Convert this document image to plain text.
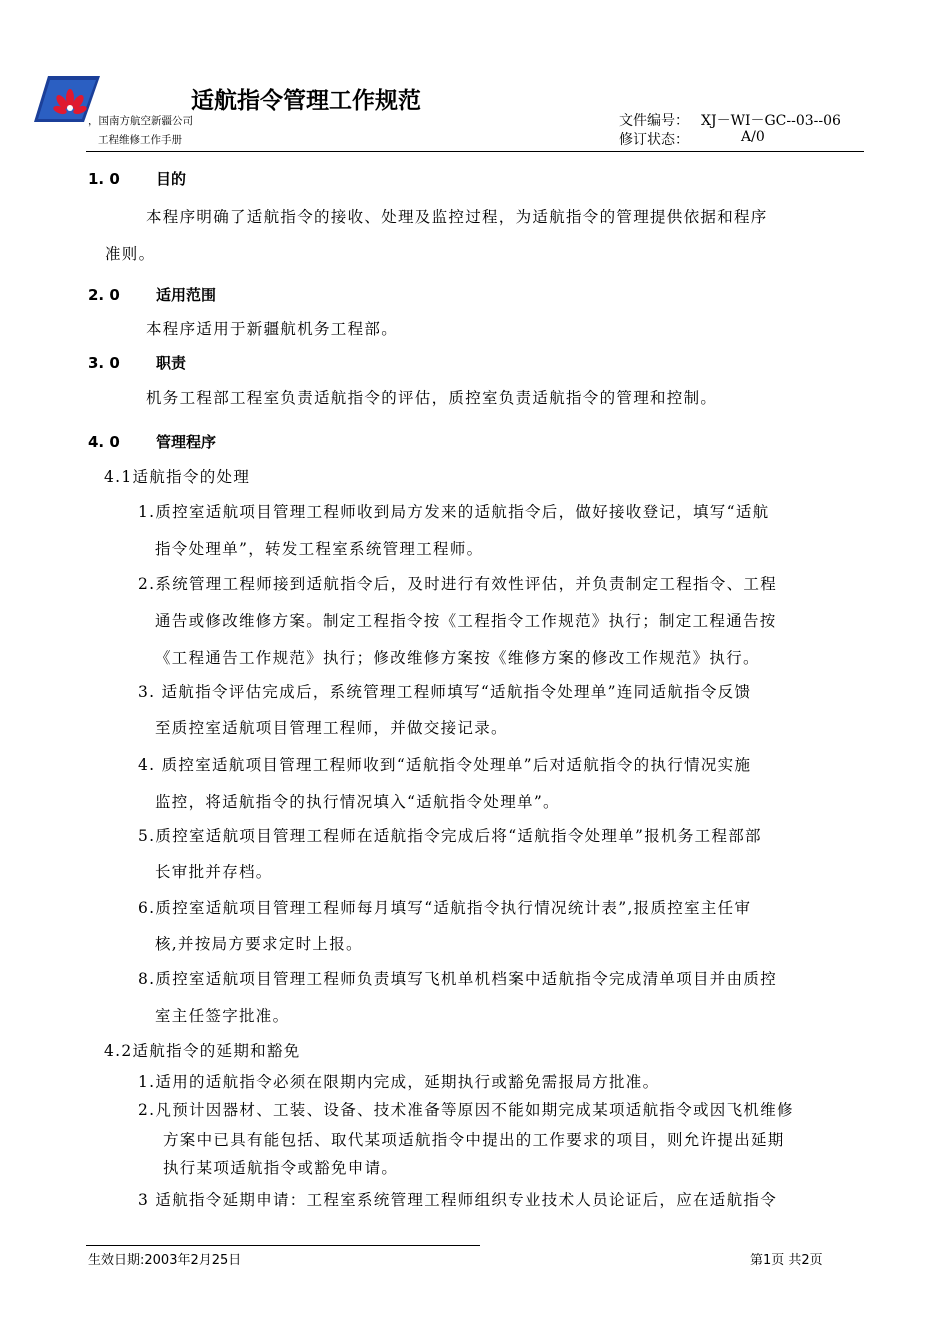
适航指令管理工作规范
，国南方航空新疆公司
工程维修工作手册
文件编号： XJ－WI－GC--03--06
修订状态：	A/0
1. 0 目的
本程序明确了适航指令的接收、处理及监控过程，为适航指令的管理提供依据和程序
准则。
2. 0 适用范围
本程序适用于新疆航机务工程部。
3. 0 职责
机务工程部工程室负责适航指令的评估，质控室负责适航指令的管理和控制。
4. 0 管理程序
4.1适航指令的处理
1.质控室适航项目管理工程师收到局方发来的适航指令后，做好接收登记，填写“适航
指令处理单”，转发工程室系统管理工程师。
2.系统管理工程师接到适航指令后，及时进行有效性评估，并负责制定工程指令、工程
通告或修改维修方案。制定工程指令按《工程指令工作规范》执行；制定工程通告按
《工程通告工作规范》执行；修改维修方案按《维修方案的修改工作规范》执行。
3. 适航指令评估完成后，系统管理工程师填写“适航指令处理单”连同适航指令反馈
至质控室适航项目管理工程师，并做交接记录。
4. 质控室适航项目管理工程师收到“适航指令处理单”后对适航指令的执行情况实施
监控，将适航指令的执行情况填入“适航指令处理单”。
5.质控室适航项目管理工程师在适航指令完成后将“适航指令处理单”报机务工程部部
长审批并存档。
6.质控室适航项目管理工程师每月填写“适航指令执行情况统计表”,报质控室主任审
核,并按局方要求定时上报。
8.质控室适航项目管理工程师负责填写飞机单机档案中适航指令完成清单项目并由质控
室主任签字批准。
4.2适航指令的延期和豁免
1.适用的适航指令必须在限期内完成，延期执行或豁免需报局方批准。
2.凡预计因器材、工装、设备、技术准备等原因不能如期完成某项适航指令或因飞机维修
方案中已具有能包括、取代某项适航指令中提出的工作要求的项目，则允许提出延期
执行某项适航指令或豁免申请。
3 适航指令延期申请：工程室系统管理工程师组织专业技术人员论证后，应在适航指令
生效日期:2003年2月25日	第1页 共2页
